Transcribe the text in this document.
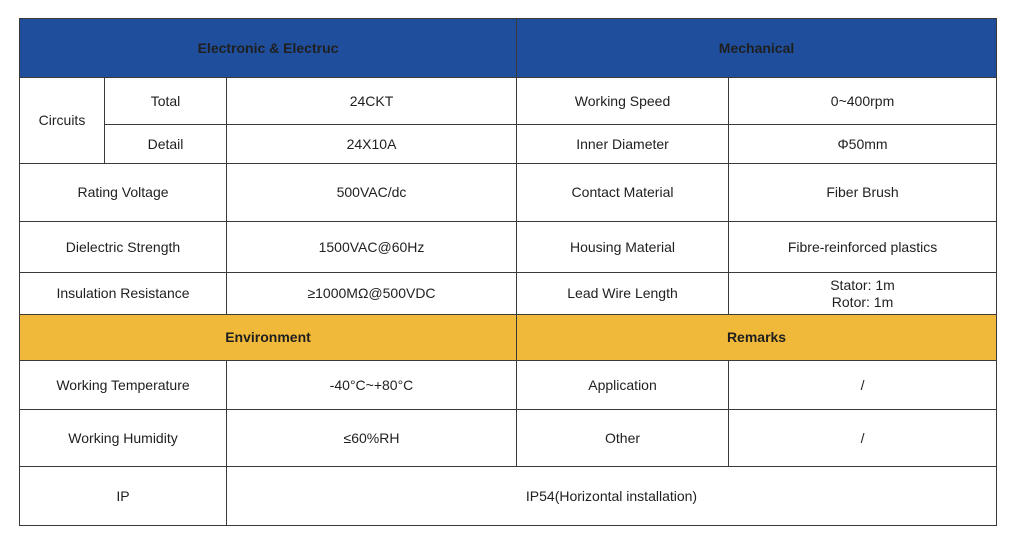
Electronic & Electruc			Mechanical	
Circuits	Total	24CKT	Working Speed	0~400rpm
	Detail	24X10A	Inner Diameter	Φ50mm
Rating Voltage		500VAC/dc	Contact Material	Fiber Brush
Dielectric Strength		1500VAC@60Hz	Housing Material	Fibre-reinforced plastics
Insulation Resistance		≥1000MΩ@500VDC	Lead Wire Length	Stator: 1m
Rotor: 1m

Environment			Remarks	
Working Temperature		-40°C~+80°C	Application	/
Working Humidity		≤60%RH	Other	/
IP		IP54(Horizontal installation)		
